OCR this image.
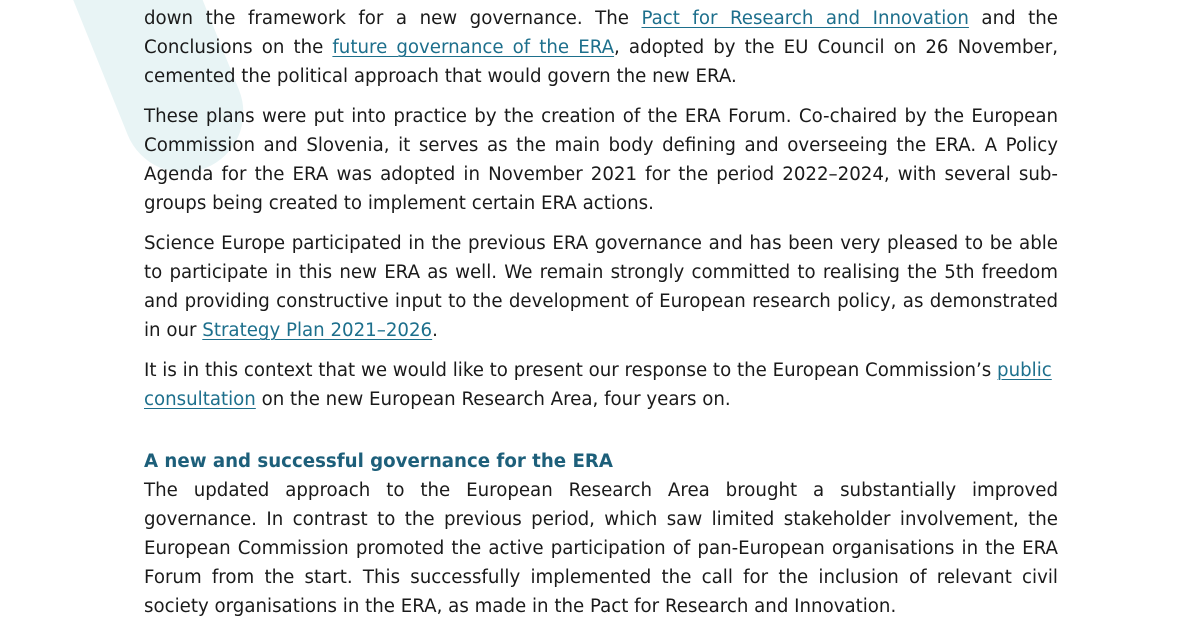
down the framework for a new governance. The Pact for Research and Innovation and the Conclusions on the future governance of the ERA, adopted by the EU Council on 26 November, cemented the political approach that would govern the new ERA.

These plans were put into practice by the creation of the ERA Forum. Co-chaired by the European Commission and Slovenia, it serves as the main body defining and overseeing the ERA. A Policy Agenda for the ERA was adopted in November 2021 for the period 2022–2024, with several sub-groups being created to implement certain ERA actions.

Science Europe participated in the previous ERA governance and has been very pleased to be able to participate in this new ERA as well. We remain strongly committed to realising the 5th freedom and providing constructive input to the development of European research policy, as demonstrated in our Strategy Plan 2021–2026.

It is in this context that we would like to present our response to the European Commission’s public consultation on the new European Research Area, four years on.

A new and successful governance for the ERA

The updated approach to the European Research Area brought a substantially improved governance. In contrast to the previous period, which saw limited stakeholder involvement, the European Commission promoted the active participation of pan-European organisations in the ERA Forum from the start. This successfully implemented the call for the inclusion of relevant civil society organisations in the ERA, as made in the Pact for Research and Innovation.
